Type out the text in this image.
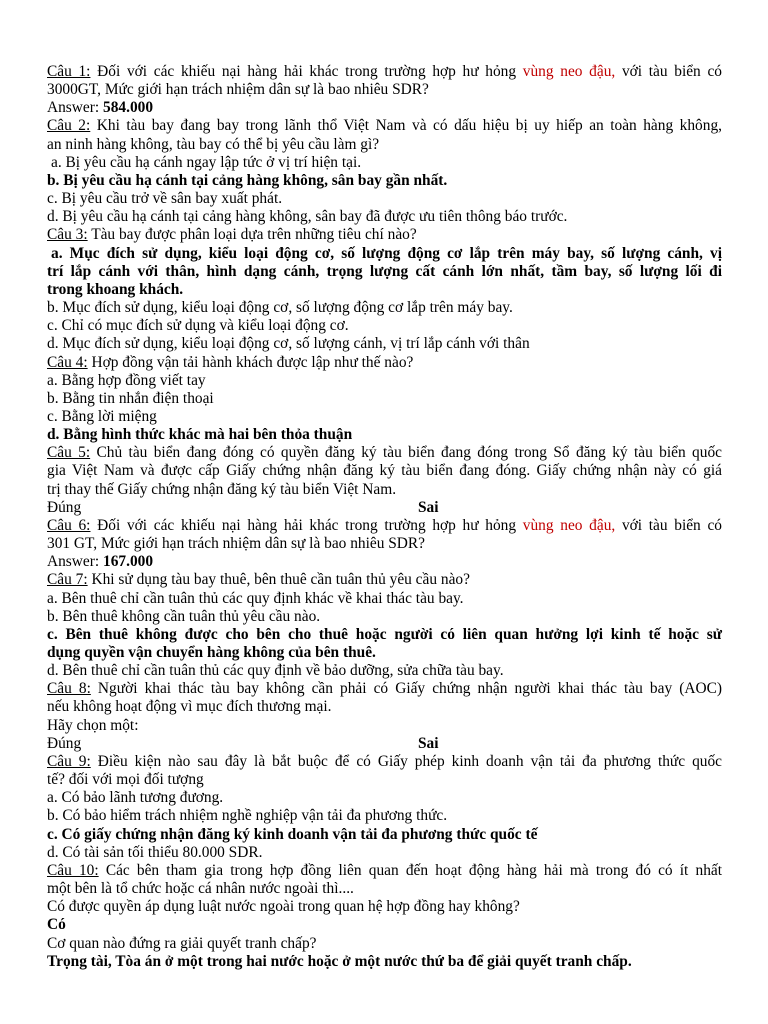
Câu 1: Đối với các khiếu nại hàng hải khác trong trường hợp hư hỏng vùng neo đậu, với tàu biển có
3000GT, Mức giới hạn trách nhiệm dân sự là bao nhiêu SDR?
Answer: 584.000
Câu 2: Khi tàu bay đang bay trong lãnh thổ Việt Nam và có dấu hiệu bị uy hiếp an toàn hàng không,
an ninh hàng không, tàu bay có thể bị yêu cầu làm gì?
a. Bị yêu cầu hạ cánh ngay lập tức ở vị trí hiện tại.
b. Bị yêu cầu hạ cánh tại cảng hàng không, sân bay gần nhất.
c. Bị yêu cầu trở về sân bay xuất phát.
d. Bị yêu cầu hạ cánh tại cảng hàng không, sân bay đã được ưu tiên thông báo trước.
Câu 3: Tàu bay được phân loại dựa trên những tiêu chí nào?
a. Mục đích sử dụng, kiểu loại động cơ, số lượng động cơ lắp trên máy bay, số lượng cánh, vị
trí lắp cánh với thân, hình dạng cánh, trọng lượng cất cánh lớn nhất, tầm bay, số lượng lối đi
trong khoang khách.
b. Mục đích sử dụng, kiểu loại động cơ, số lượng động cơ lắp trên máy bay.
c. Chỉ có mục đích sử dụng và kiểu loại động cơ.
d. Mục đích sử dụng, kiểu loại động cơ, số lượng cánh, vị trí lắp cánh với thân
Câu 4: Hợp đồng vận tải hành khách được lập như thế nào?
a. Bằng hợp đồng viết tay
b. Bằng tin nhắn điện thoại
c. Bằng lời miệng
d. Bằng hình thức khác mà hai bên thỏa thuận
Câu 5: Chủ tàu biển đang đóng có quyền đăng ký tàu biển đang đóng trong Sổ đăng ký tàu biển quốc
gia Việt Nam và được cấp Giấy chứng nhận đăng ký tàu biển đang đóng. Giấy chứng nhận này có giá
trị thay thế Giấy chứng nhận đăng ký tàu biển Việt Nam.
Đúng	Sai
Câu 6: Đối với các khiếu nại hàng hải khác trong trường hợp hư hỏng vùng neo đậu, với tàu biển có
301 GT, Mức giới hạn trách nhiệm dân sự là bao nhiêu SDR?
Answer: 167.000
Câu 7: Khi sử dụng tàu bay thuê, bên thuê cần tuân thủ yêu cầu nào?
a. Bên thuê chỉ cần tuân thủ các quy định khác về khai thác tàu bay.
b. Bên thuê không cần tuân thủ yêu cầu nào.
c. Bên thuê không được cho bên cho thuê hoặc người có liên quan hưởng lợi kinh tế hoặc sử
dụng quyền vận chuyển hàng không của bên thuê.
d. Bên thuê chỉ cần tuân thủ các quy định về bảo dưỡng, sửa chữa tàu bay.
Câu 8: Người khai thác tàu bay không cần phải có Giấy chứng nhận người khai thác tàu bay (AOC)
nếu không hoạt động vì mục đích thương mại.
Hãy chọn một:
Đúng	Sai
Câu 9: Điều kiện nào sau đây là bắt buộc để có Giấy phép kinh doanh vận tải đa phương thức quốc
tế? đối với mọi đối tượng
a. Có bảo lãnh tương đương.
b. Có bảo hiểm trách nhiệm nghề nghiệp vận tải đa phương thức.
c. Có giấy chứng nhận đăng ký kinh doanh vận tải đa phương thức quốc tế
d. Có tài sản tối thiểu 80.000 SDR.
Câu 10: Các bên tham gia trong hợp đồng liên quan đến hoạt động hàng hải mà trong đó có ít nhất
một bên là tổ chức hoặc cá nhân nước ngoài thì....
Có được quyền áp dụng luật nước ngoài trong quan hệ hợp đồng hay không?
Có
Cơ quan nào đứng ra giải quyết tranh chấp?
Trọng tài, Tòa án ở một trong hai nước hoặc ở một nước thứ ba để giải quyết tranh chấp.
